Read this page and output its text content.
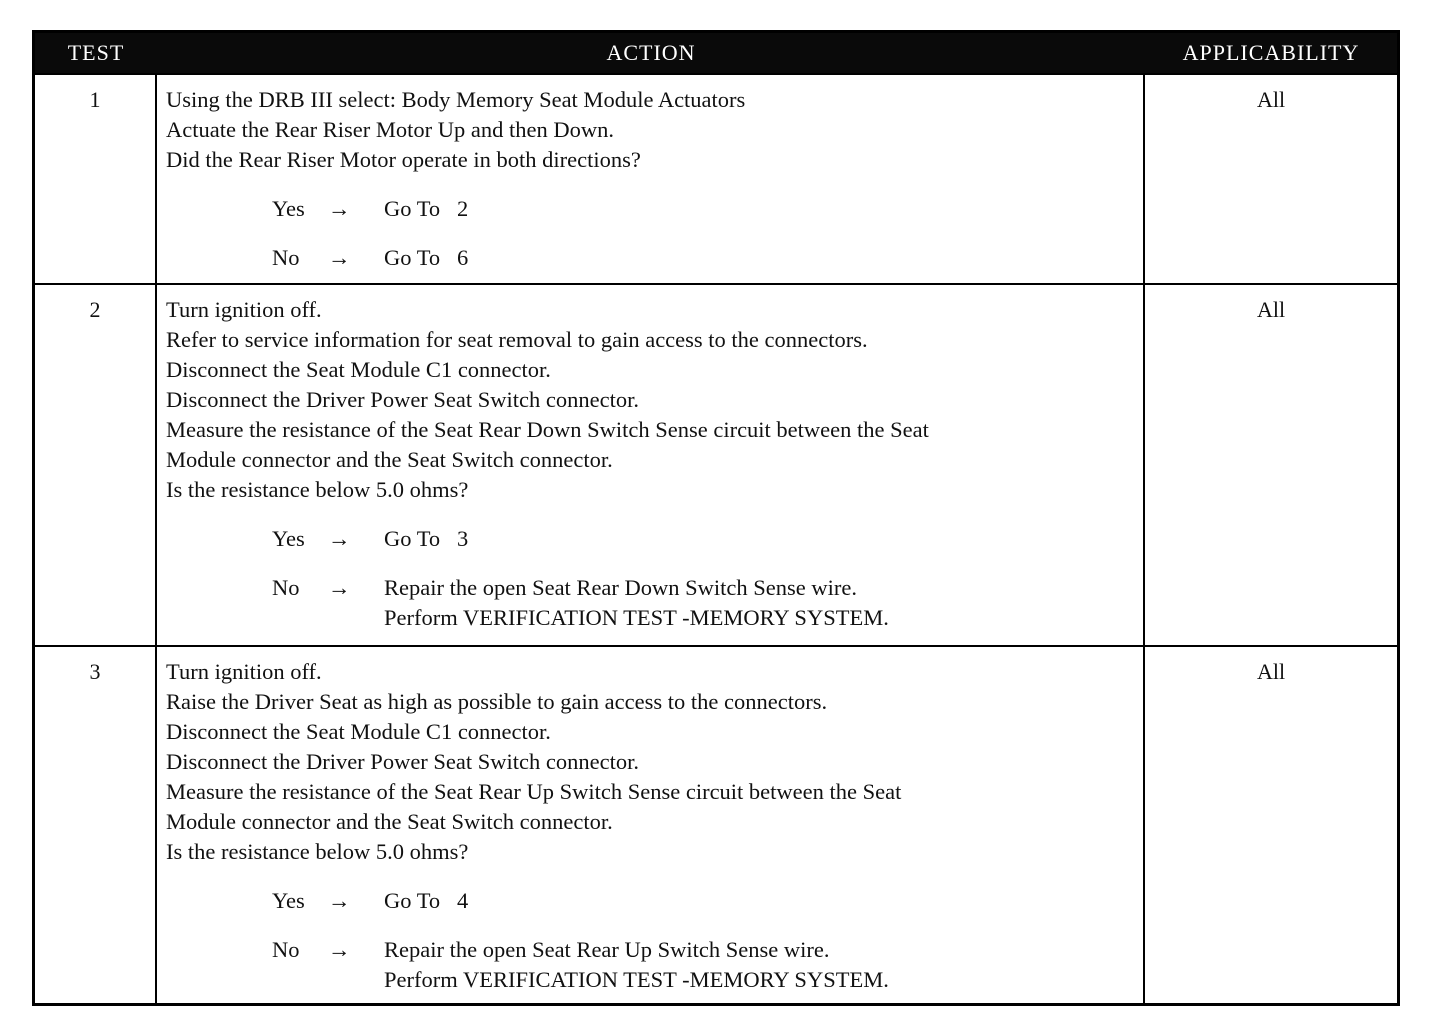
TEST	ACTION	APPLICABILITY
1	Using the DRB III select: Body Memory Seat Module Actuators
Actuate the Rear Riser Motor Up and then Down.
Did the Rear Riser Motor operate in both directions?
Yes	→	Go To   2
No	→	Go To   6
All
2	Turn ignition off.
Refer to service information for seat removal to gain access to the connectors.
Disconnect the Seat Module C1 connector.
Disconnect the Driver Power Seat Switch connector.
Measure the resistance of the Seat Rear Down Switch Sense circuit between the Seat
Module connector and the Seat Switch connector.
Is the resistance below 5.0 ohms?
Yes	→	Go To   3
No	→	Repair the open Seat Rear Down Switch Sense wire.
Perform VERIFICATION TEST -MEMORY SYSTEM.
All
3	Turn ignition off.
Raise the Driver Seat as high as possible to gain access to the connectors.
Disconnect the Seat Module C1 connector.
Disconnect the Driver Power Seat Switch connector.
Measure the resistance of the Seat Rear Up Switch Sense circuit between the Seat
Module connector and the Seat Switch connector.
Is the resistance below 5.0 ohms?
Yes	→	Go To   4
No	→	Repair the open Seat Rear Up Switch Sense wire.
Perform VERIFICATION TEST -MEMORY SYSTEM.
All
